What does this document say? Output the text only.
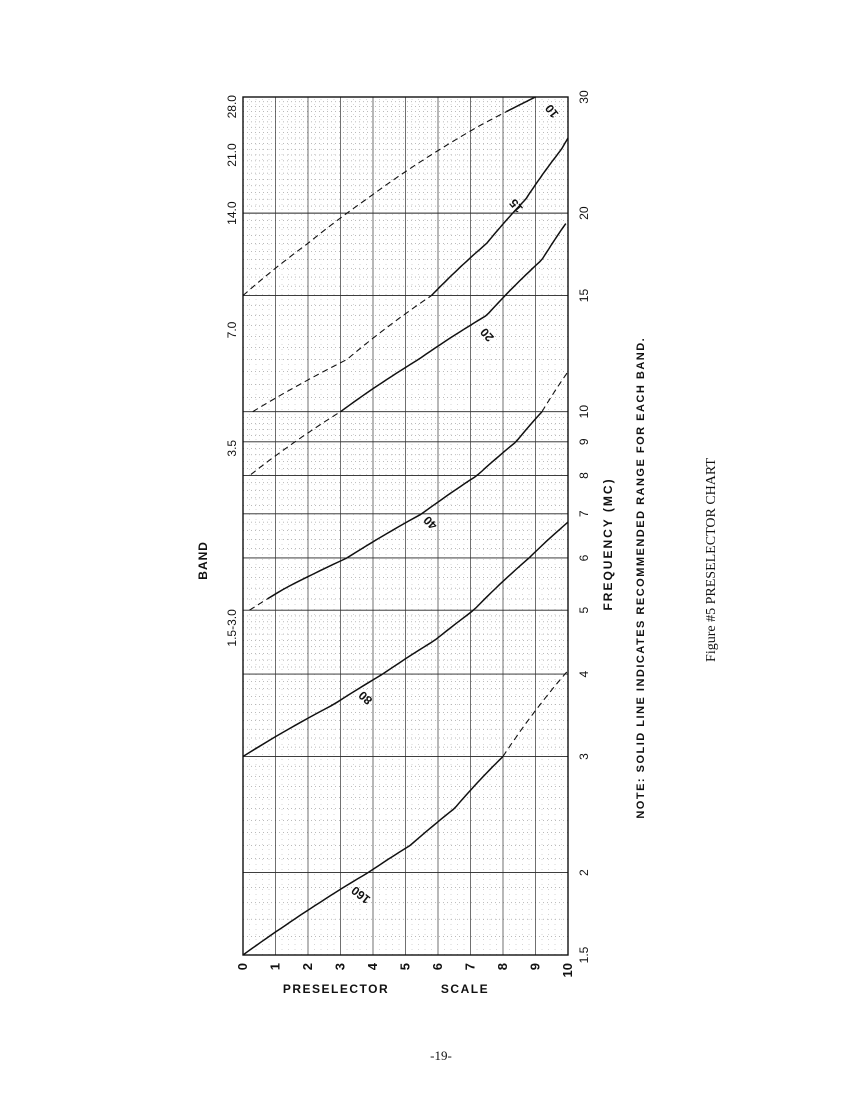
160
80
40
20
15
10
1.5
2
3
4
5
6
7
8
9
10
15
20
30
FREQUENCY (MC) NOTE: SOLID LINE INDICATES RECOMMENDED RANGE FOR EACH BAND.
0 1 2 3 4 5 6 7 8 9 10
1.5-3.0
3.5
7.0
14.0
21.0
28.0
BAND
PRESELECTOR	SCALE
Figure #5 PRESELECTOR CHART
-19-
